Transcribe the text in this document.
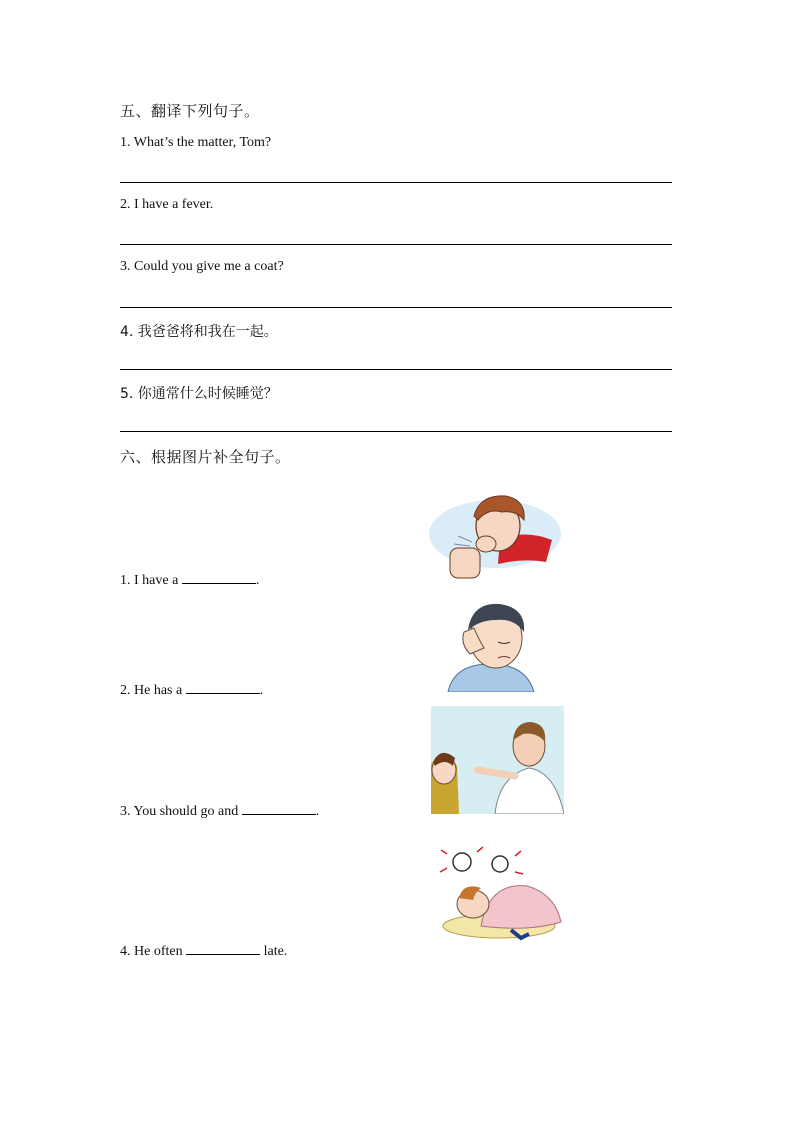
五、翻译下列句子。
1. What’s the matter, Tom?
2. I have a fever.
3. Could you give me a coat?
4. 我爸爸将和我在一起。
5. 你通常什么时候睡觉？
六、根据图片补全句子。
1. I have a	.
2. He has a	.
3. You should go and	.
4. He often	late.
